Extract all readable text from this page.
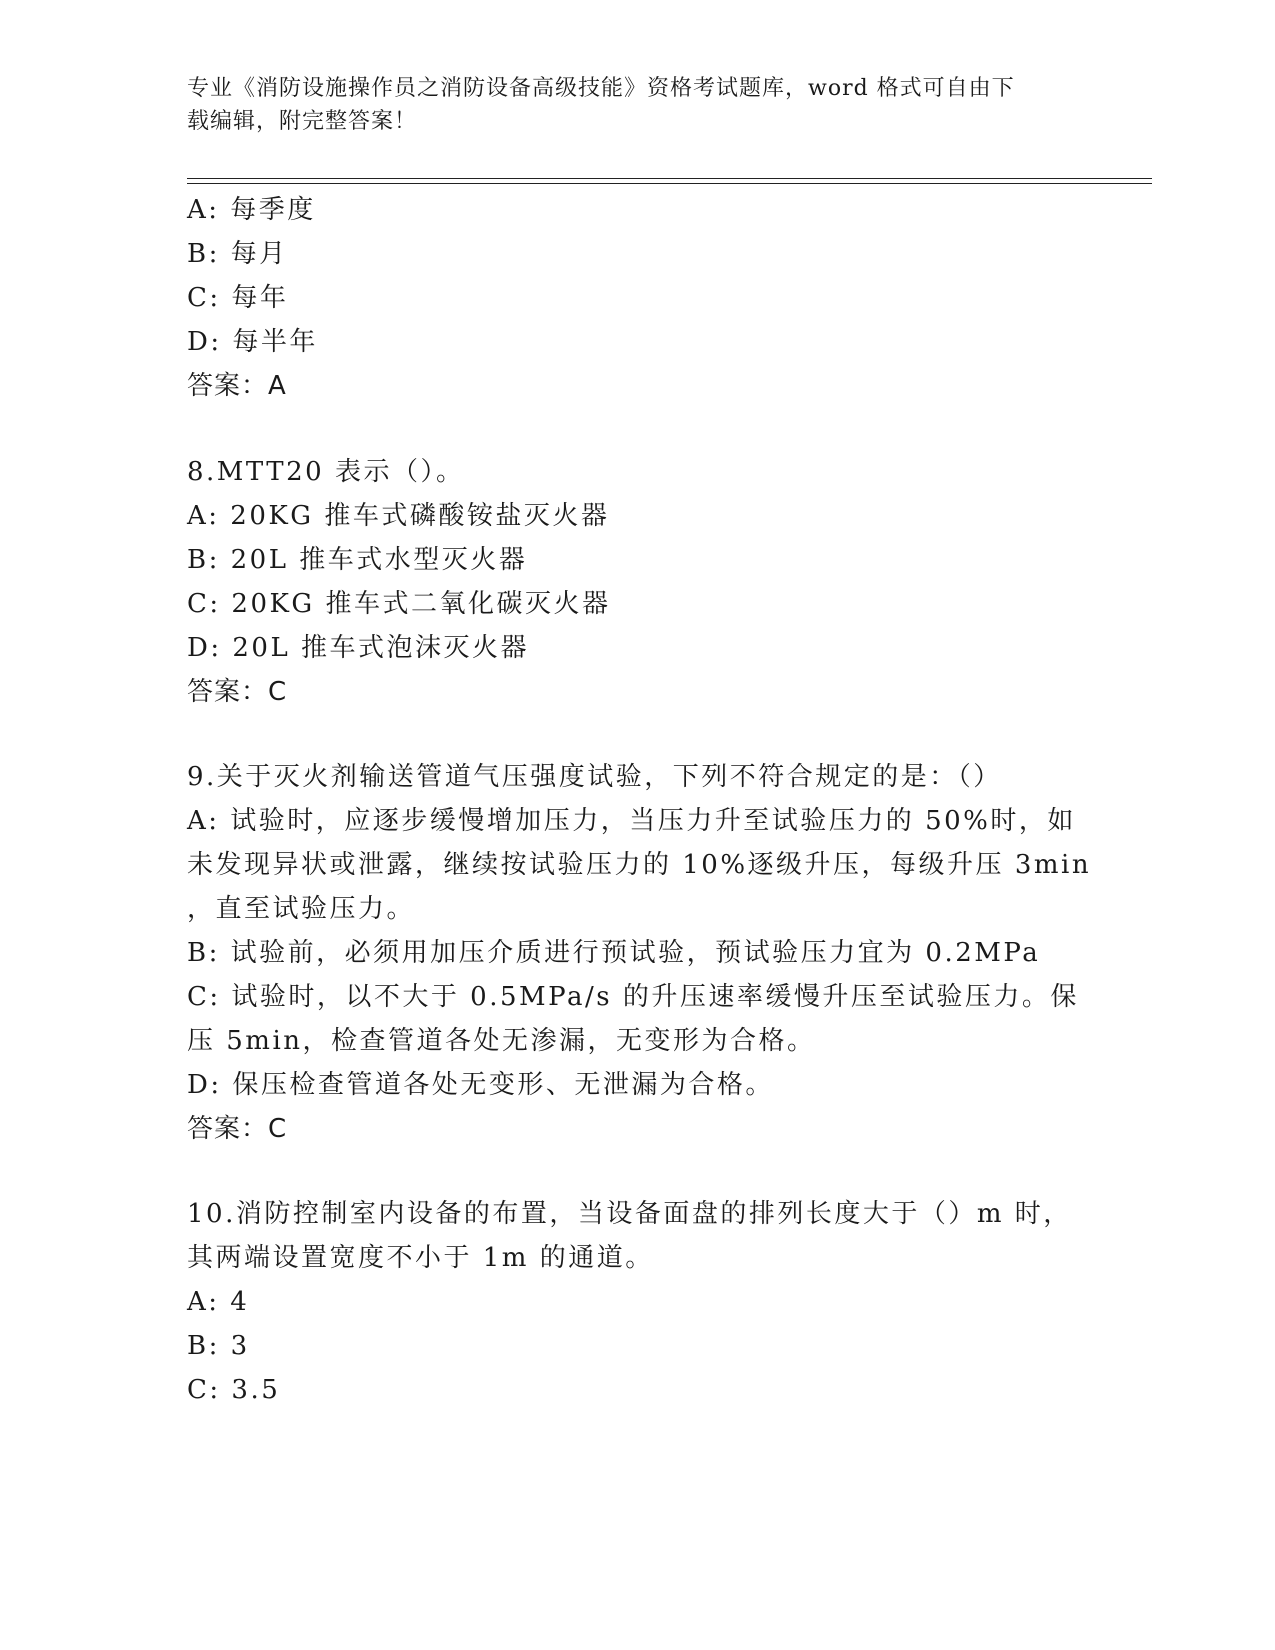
专业《消防设施操作员之消防设备高级技能》资格考试题库，word 格式可自由下
载编辑，附完整答案！
A: 每季度
B: 每月
C: 每年
D: 每半年
答案：A
8.MTT20 表示（）。
A: 20KG 推车式磷酸铵盐灭火器
B: 20L 推车式水型灭火器
C: 20KG 推车式二氧化碳灭火器
D: 20L 推车式泡沫灭火器
答案：C
9.关于灭火剂输送管道气压强度试验，下列不符合规定的是：（）
A: 试验时，应逐步缓慢增加压力，当压力升至试验压力的 50%时，如
未发现异状或泄露，继续按试验压力的 10%逐级升压，每级升压 3min
，直至试验压力。
B: 试验前，必须用加压介质进行预试验，预试验压力宜为 0.2MPa
C: 试验时，以不大于 0.5MPa/s 的升压速率缓慢升压至试验压力。保
压 5min，检查管道各处无渗漏，无变形为合格。
D: 保压检查管道各处无变形、无泄漏为合格。
答案：C
10.消防控制室内设备的布置，当设备面盘的排列长度大于（）m 时，
其两端设置宽度不小于 1m 的通道。
A: 4
B: 3
C: 3.5
